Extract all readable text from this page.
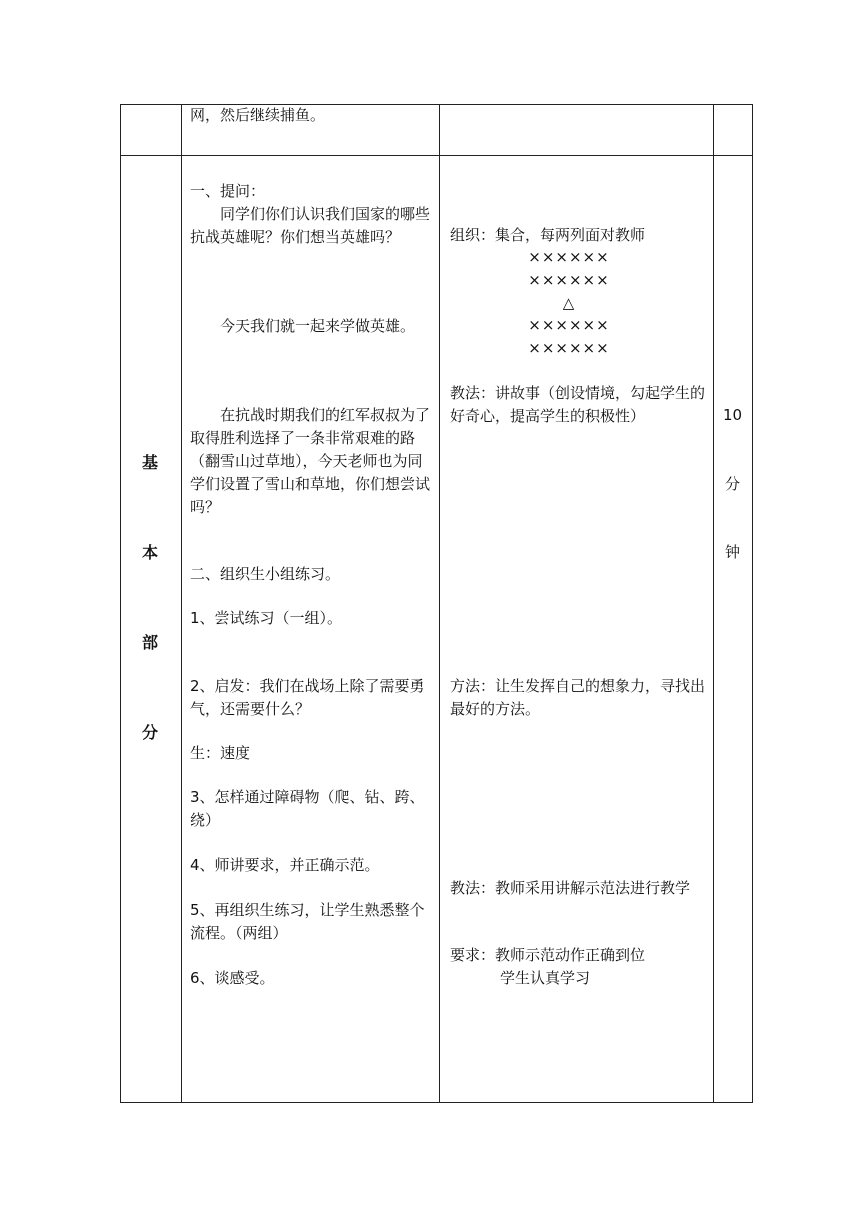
网，然后继续捕鱼。
基
本
部
分
10
分
钟
一、提问：
同学们你们认识我们国家的哪些抗战英雄呢？你们想当英雄吗？
今天我们就一起来学做英雄。
在抗战时期我们的红军叔叔为了取得胜利选择了一条非常艰难的路（翻雪山过草地），今天老师也为同学们设置了雪山和草地，你们想尝试吗？
二、组织生小组练习。
1、尝试练习（一组）。
2、启发：我们在战场上除了需要勇气，还需要什么？
生：速度
3、怎样通过障碍物（爬、钻、跨、绕）
4、师讲要求，并正确示范。
5、再组织生练习，让学生熟悉整个流程。（两组）
6、谈感受。
组织：集合，每两列面对教师
××××××
××××××
△
××××××
××××××
教法：讲故事（创设情境，勾起学生的好奇心，提高学生的积极性）
方法：让生发挥自己的想象力，寻找出最好的方法。
教法：教师采用讲解示范法进行教学
要求：教师示范动作正确到位
学生认真学习
